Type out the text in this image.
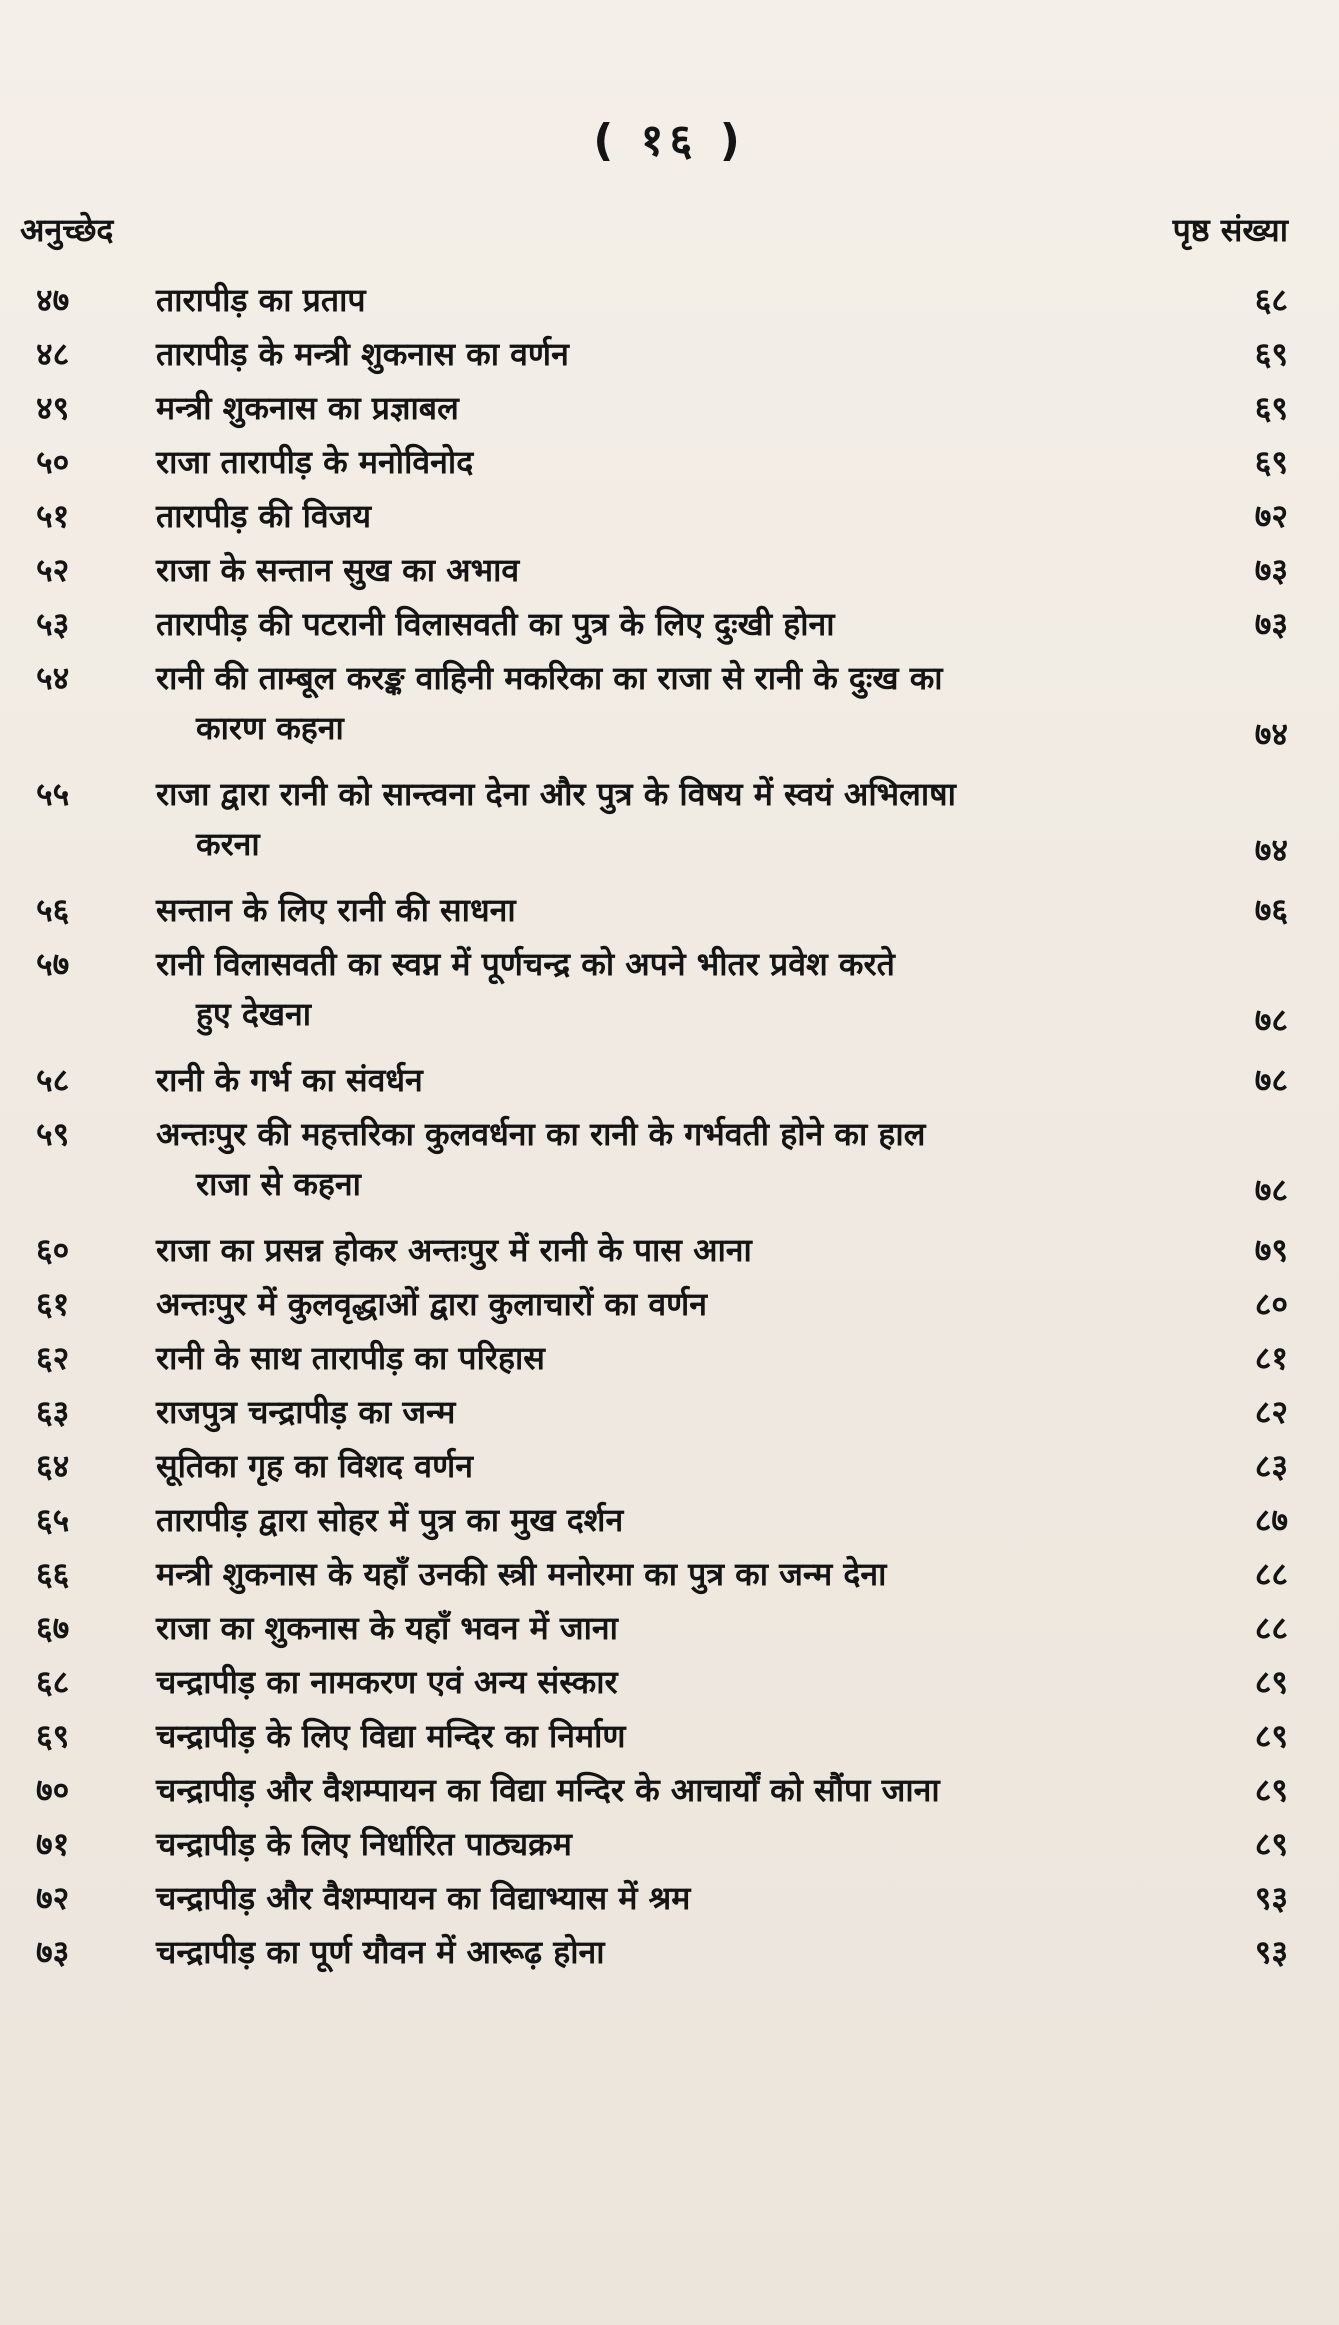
( १६ )
अनुच्छेद	पृष्ठ संख्या
४७	तारापीड़ का प्रताप	६८
४८	तारापीड़ के मन्त्री शुकनास का वर्णन	६९
४९	मन्त्री शुकनास का प्रज्ञाबल	६९
५०	राजा तारापीड़ के मनोविनोद	६९
५१	तारापीड़ की विजय	७२
५२	राजा के सन्तान सुख का अभाव	७३
५३	तारापीड़ की पटरानी विलासवती का पुत्र के लिए दुःखी होना	७३
५४	रानी की ताम्बूल करङ्क वाहिनी मकरिका का राजा से रानी के दुःख का
कारण कहना	७४
५५	राजा द्वारा रानी को सान्त्वना देना और पुत्र के विषय में स्वयं अभिलाषा
करना	७४
५६	सन्तान के लिए रानी की साधना	७६
५७	रानी विलासवती का स्वप्न में पूर्णचन्द्र को अपने भीतर प्रवेश करते
हुए देखना	७८
५८	रानी के गर्भ का संवर्धन	७८
५९	अन्तःपुर की महत्तरिका कुलवर्धना का रानी के गर्भवती होने का हाल
राजा से कहना	७८
६०	राजा का प्रसन्न होकर अन्तःपुर में रानी के पास आना	७९
६१	अन्तःपुर में कुलवृद्धाओं द्वारा कुलाचारों का वर्णन	८०
६२	रानी के साथ तारापीड़ का परिहास	८१
६३	राजपुत्र चन्द्रापीड़ का जन्म	८२
६४	सूतिका गृह का विशद वर्णन	८३
६५	तारापीड़ द्वारा सोहर में पुत्र का मुख दर्शन	८७
६६	मन्त्री शुकनास के यहाँ उनकी स्त्री मनोरमा का पुत्र का जन्म देना	८८
६७	राजा का शुकनास के यहाँ भवन में जाना	८८
६८	चन्द्रापीड़ का नामकरण एवं अन्य संस्कार	८९
६९	चन्द्रापीड़ के लिए विद्या मन्दिर का निर्माण	८९
७०	चन्द्रापीड़ और वैशम्पायन का विद्या मन्दिर के आचार्यों को सौंपा जाना	८९
७१	चन्द्रापीड़ के लिए निर्धारित पाठ्यक्रम	८९
७२	चन्द्रापीड़ और वैशम्पायन का विद्याभ्यास में श्रम	९३
७३	चन्द्रापीड़ का पूर्ण यौवन में आरूढ़ होना	९३
